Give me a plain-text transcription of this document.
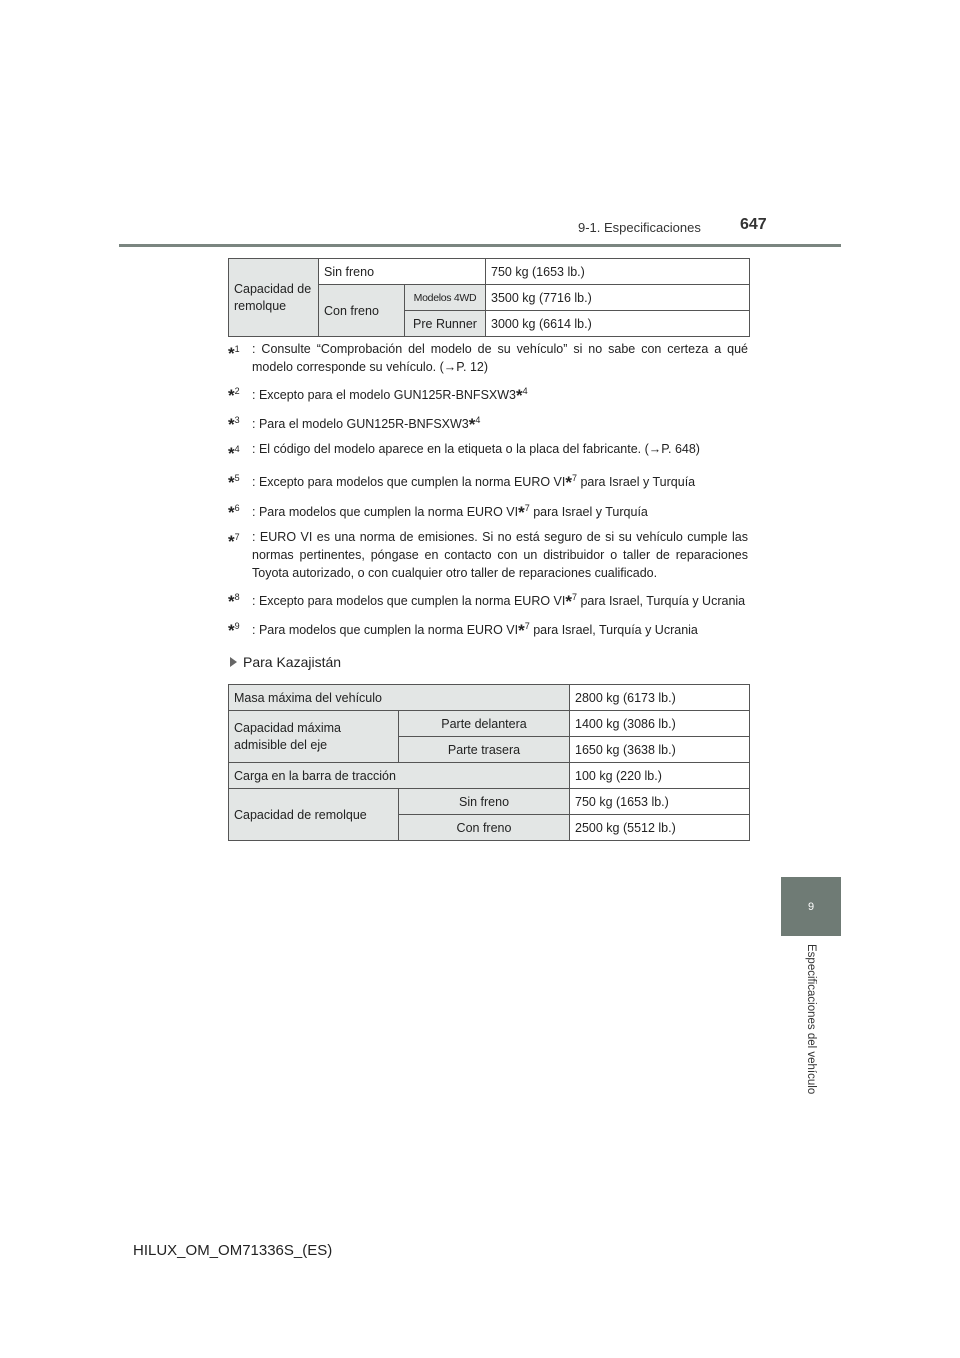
9-1. Especificaciones 647
9
Especificaciones del vehículo
Capacidad de remolque	Sin freno		750 kg (1653 lb.)
	Con freno	Modelos 4WD	3500 kg (7716 lb.)
		Pre Runner	3000 kg (6614 lb.)
*$^1$ : Consulte “Comprobación del modelo de su vehículo” si no sabe con certeza a qué modelo corresponde su vehículo. (→P. 12)
*$^2$ : Excepto para el modelo GUN125R-BNFSXW3*$^4$
*$^3$ : Para el modelo GUN125R-BNFSXW3*$^4$
*$^4$ : El código del modelo aparece en la etiqueta o la placa del fabricante. (→P. 648)
*$^5$ : Excepto para modelos que cumplen la norma EURO VI*$^7$ para Israel y Turquía
*$^6$ : Para modelos que cumplen la norma EURO VI*$^7$ para Israel y Turquía
*$^7$ : EURO VI es una norma de emisiones. Si no está seguro de si su vehículo cumple las normas pertinentes, póngase en contacto con un distribuidor o taller de reparaciones Toyota autorizado, o con cualquier otro taller de reparaciones cualificado.
*$^8$ : Excepto para modelos que cumplen la norma EURO VI*$^7$ para Israel, Turquía y Ucrania
*$^9$ : Para modelos que cumplen la norma EURO VI*$^7$ para Israel, Turquía y Ucrania
Para Kazajistán
Masa máxima del vehículo		2800 kg (6173 lb.)
Capacidad máxima admisible del eje	Parte delantera	1400 kg (3086 lb.)
	Parte trasera	1650 kg (3638 lb.)
Carga en la barra de tracción		100 kg (220 lb.)
Capacidad de remolque	Sin freno	750 kg (1653 lb.)
	Con freno	2500 kg (5512 lb.)
HILUX_OM_OM71336S_(ES)
